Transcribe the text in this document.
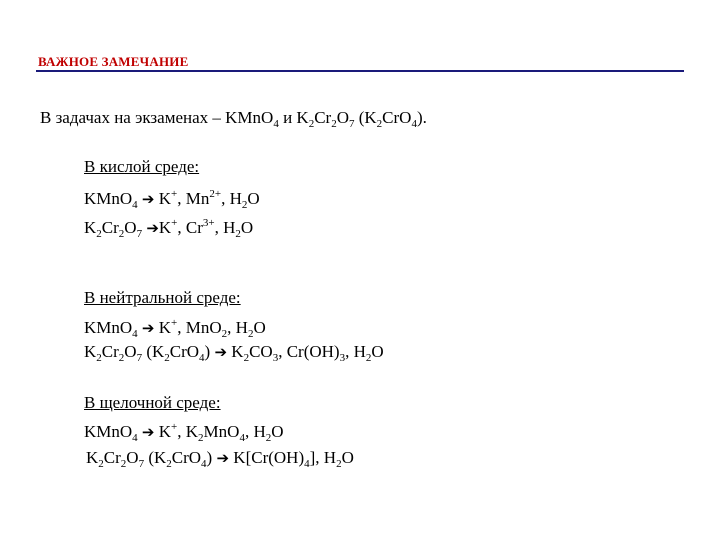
ВАЖНОЕ ЗАМЕЧАНИЕ
В задачах на экзаменах – KMnO$_4$ и $K_2Cr_2O_7$ $(K_2CrO_4)$.
В кислой среде:
KMnO$_4$ ➔ K+, $Mn^{2+}$, $H_2O$
$K_2Cr_2O_7$ ➔K+, $Cr^{3+}$, $H_2O$
В нейтральной среде:
KMnO$_4$ ➔ K+, MnO$_2$, $H_2O$
$K_2Cr_2O_7$ $(K_2CrO_4)$ ➔ $K_2CO_3$, $Cr(OH)_3$, $H_2O$
В щелочной среде:
KMnO$_4$ ➔ K+, $K_2MnO_4$, $H_2O$
$K_2Cr_2O_7$ $(K_2CrO_4)$ ➔ $K[Cr(OH)_4]$, $H_2O$
